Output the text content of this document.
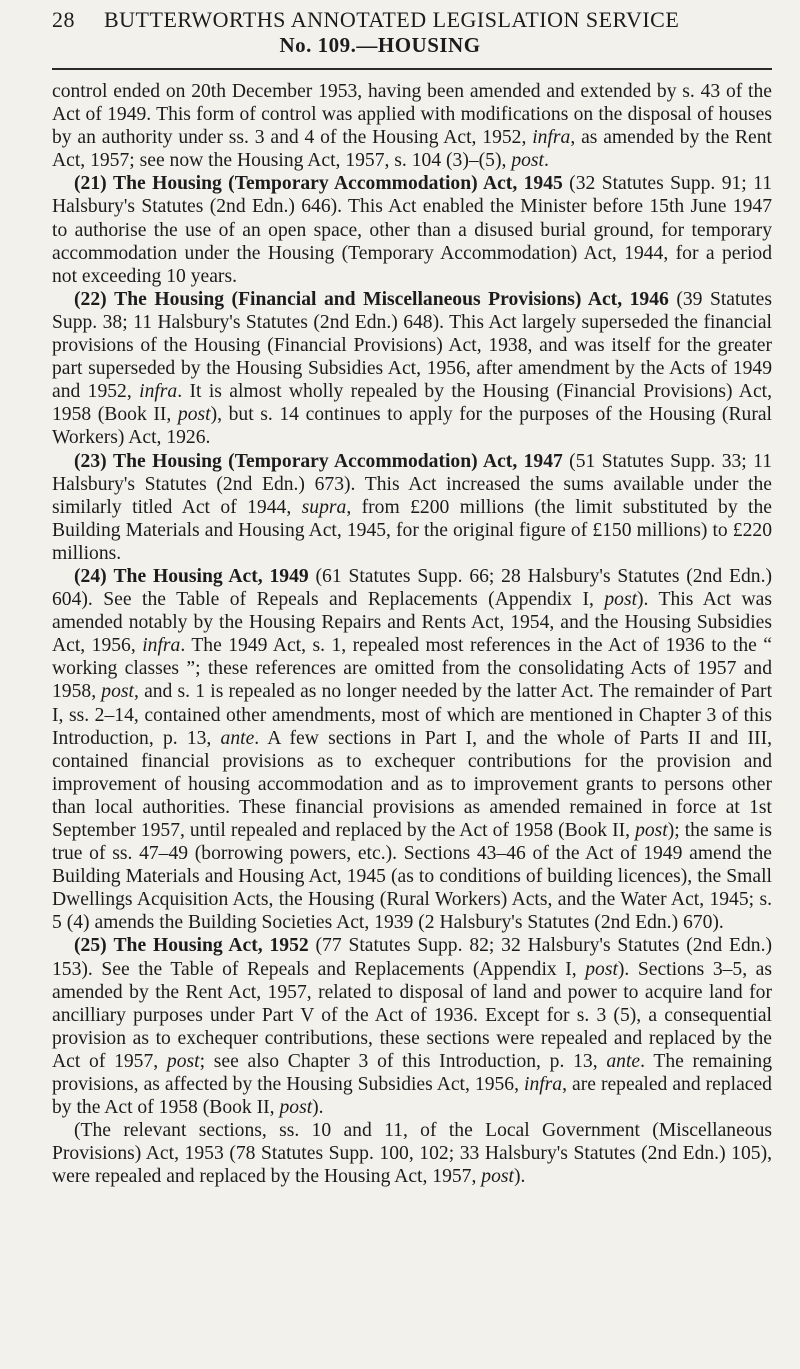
28	BUTTERWORTHS ANNOTATED LEGISLATION SERVICE
No. 109.—HOUSING

control ended on 20th December 1953, having been amended and extended by s. 43 of the Act of 1949. This form of control was applied with modifications on the disposal of houses by an authority under ss. 3 and 4 of the Housing Act, 1952, infra, as amended by the Rent Act, 1957; see now the Housing Act, 1957, s. 104 (3)–(5), post.

(21) The Housing (Temporary Accommodation) Act, 1945 (32 Statutes Supp. 91; 11 Halsbury's Statutes (2nd Edn.) 646). This Act enabled the Minister before 15th June 1947 to authorise the use of an open space, other than a disused burial ground, for temporary accommodation under the Housing (Temporary Accommodation) Act, 1944, for a period not exceeding 10 years.

(22) The Housing (Financial and Miscellaneous Provisions) Act, 1946 (39 Statutes Supp. 38; 11 Halsbury's Statutes (2nd Edn.) 648). This Act largely superseded the financial provisions of the Housing (Financial Provisions) Act, 1938, and was itself for the greater part superseded by the Housing Subsidies Act, 1956, after amendment by the Acts of 1949 and 1952, infra. It is almost wholly repealed by the Housing (Financial Provisions) Act, 1958 (Book II, post), but s. 14 continues to apply for the purposes of the Housing (Rural Workers) Act, 1926.

(23) The Housing (Temporary Accommodation) Act, 1947 (51 Statutes Supp. 33; 11 Halsbury's Statutes (2nd Edn.) 673). This Act increased the sums available under the similarly titled Act of 1944, supra, from £200 millions (the limit substituted by the Building Materials and Housing Act, 1945, for the original figure of £150 millions) to £220 millions.

(24) The Housing Act, 1949 (61 Statutes Supp. 66; 28 Halsbury's Statutes (2nd Edn.) 604). See the Table of Repeals and Replacements (Appendix I, post). This Act was amended notably by the Housing Repairs and Rents Act, 1954, and the Housing Subsidies Act, 1956, infra. The 1949 Act, s. 1, repealed most references in the Act of 1936 to the “ working classes ”; these references are omitted from the consolidating Acts of 1957 and 1958, post, and s. 1 is repealed as no longer needed by the latter Act. The remainder of Part I, ss. 2–14, contained other amendments, most of which are mentioned in Chapter 3 of this Introduction, p. 13, ante. A few sections in Part I, and the whole of Parts II and III, contained financial provisions as to exchequer contributions for the provision and improvement of housing accommodation and as to improvement grants to persons other than local authorities. These financial provisions as amended remained in force at 1st September 1957, until repealed and replaced by the Act of 1958 (Book II, post); the same is true of ss. 47–49 (borrowing powers, etc.). Sections 43–46 of the Act of 1949 amend the Building Materials and Housing Act, 1945 (as to conditions of building licences), the Small Dwellings Acquisition Acts, the Housing (Rural Workers) Acts, and the Water Act, 1945; s. 5 (4) amends the Building Societies Act, 1939 (2 Halsbury's Statutes (2nd Edn.) 670).

(25) The Housing Act, 1952 (77 Statutes Supp. 82; 32 Halsbury's Statutes (2nd Edn.) 153). See the Table of Repeals and Replacements (Appendix I, post). Sections 3–5, as amended by the Rent Act, 1957, related to disposal of land and power to acquire land for ancilliary purposes under Part V of the Act of 1936. Except for s. 3 (5), a consequential provision as to exchequer contributions, these sections were repealed and replaced by the Act of 1957, post; see also Chapter 3 of this Introduction, p. 13, ante. The remaining provisions, as affected by the Housing Subsidies Act, 1956, infra, are repealed and replaced by the Act of 1958 (Book II, post).

(The relevant sections, ss. 10 and 11, of the Local Government (Miscellaneous Provisions) Act, 1953 (78 Statutes Supp. 100, 102; 33 Halsbury's Statutes (2nd Edn.) 105), were repealed and replaced by the Housing Act, 1957, post).
